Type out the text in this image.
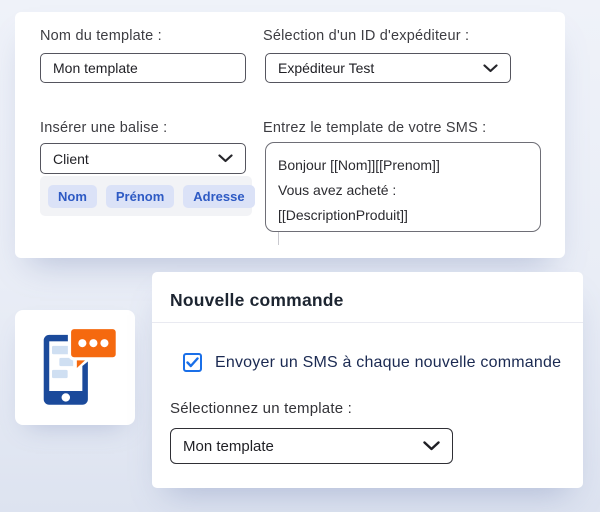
Nom du template :
Mon template	Sélection d'un ID d'expéditeur :
Expéditeur Test
Insérer une balise :
Client
Nom	Prénom	Adresse
Entrez le template de votre SMS :
Bonjour [[Nom]][[Prenom]]
Vous avez acheté : [[DescriptionProduit]]
Nouvelle commande
Envoyer un SMS à chaque nouvelle commande
Sélectionnez un template :
Mon template
